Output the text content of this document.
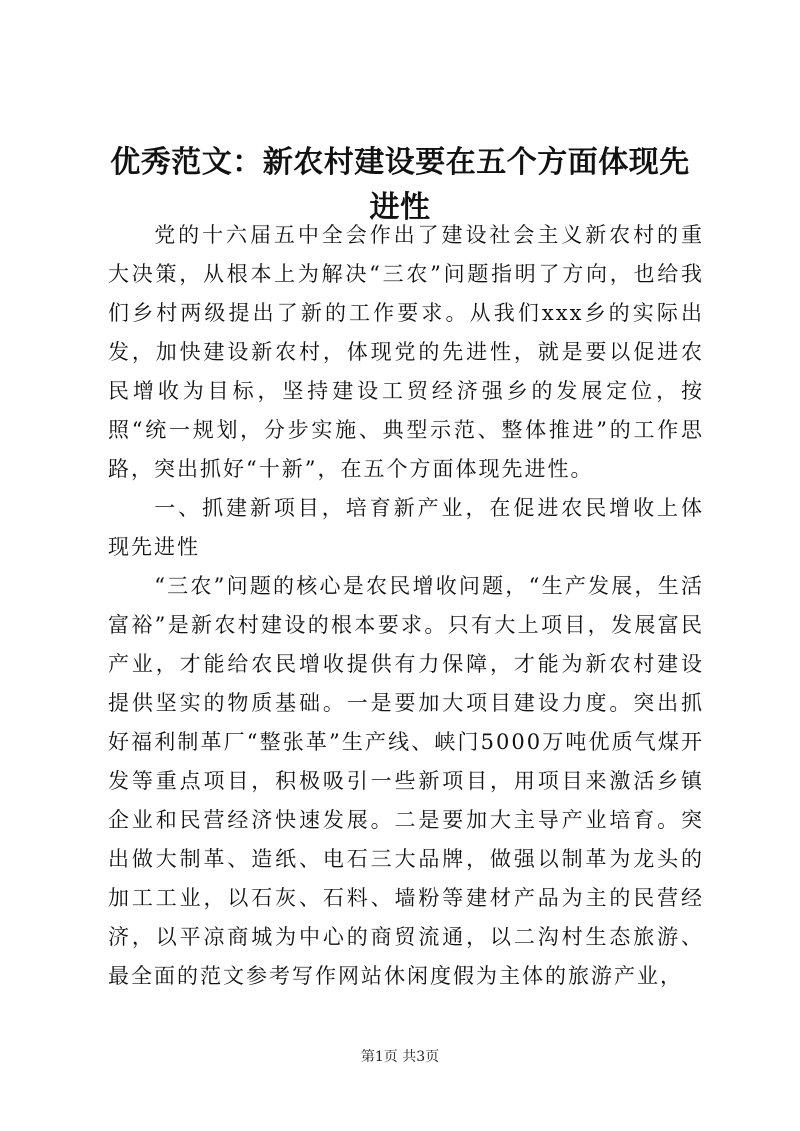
优秀范文：新农村建设要在五个方面体现先进性

党的十六届五中全会作出了建设社会主义新农村的重大决策，从根本上为解决“三农”问题指明了方向，也给我们乡村两级提出了新的工作要求。从我们xxx乡的实际出发，加快建设新农村，体现党的先进性，就是要以促进农民增收为目标，坚持建设工贸经济强乡的发展定位，按照“统一规划，分步实施、典型示范、整体推进”的工作思路，突出抓好“十新”，在五个方面体现先进性。

一、抓建新项目，培育新产业，在促进农民增收上体现先进性

“三农”问题的核心是农民增收问题，“生产发展，生活富裕”是新农村建设的根本要求。只有大上项目，发展富民产业，才能给农民增收提供有力保障，才能为新农村建设提供坚实的物质基础。一是要加大项目建设力度。突出抓好福利制革厂“整张革”生产线、峡门5000万吨优质气煤开发等重点项目，积极吸引一些新项目，用项目来激活乡镇企业和民营经济快速发展。二是要加大主导产业培育。突出做大制革、造纸、电石三大品牌，做强以制革为龙头的加工工业，以石灰、石料、墙粉等建材产品为主的民营经济，以平凉商城为中心的商贸流通，以二沟村生态旅游、最全面的范文参考写作网站休闲度假为主体的旅游产业，

第1页 共3页
